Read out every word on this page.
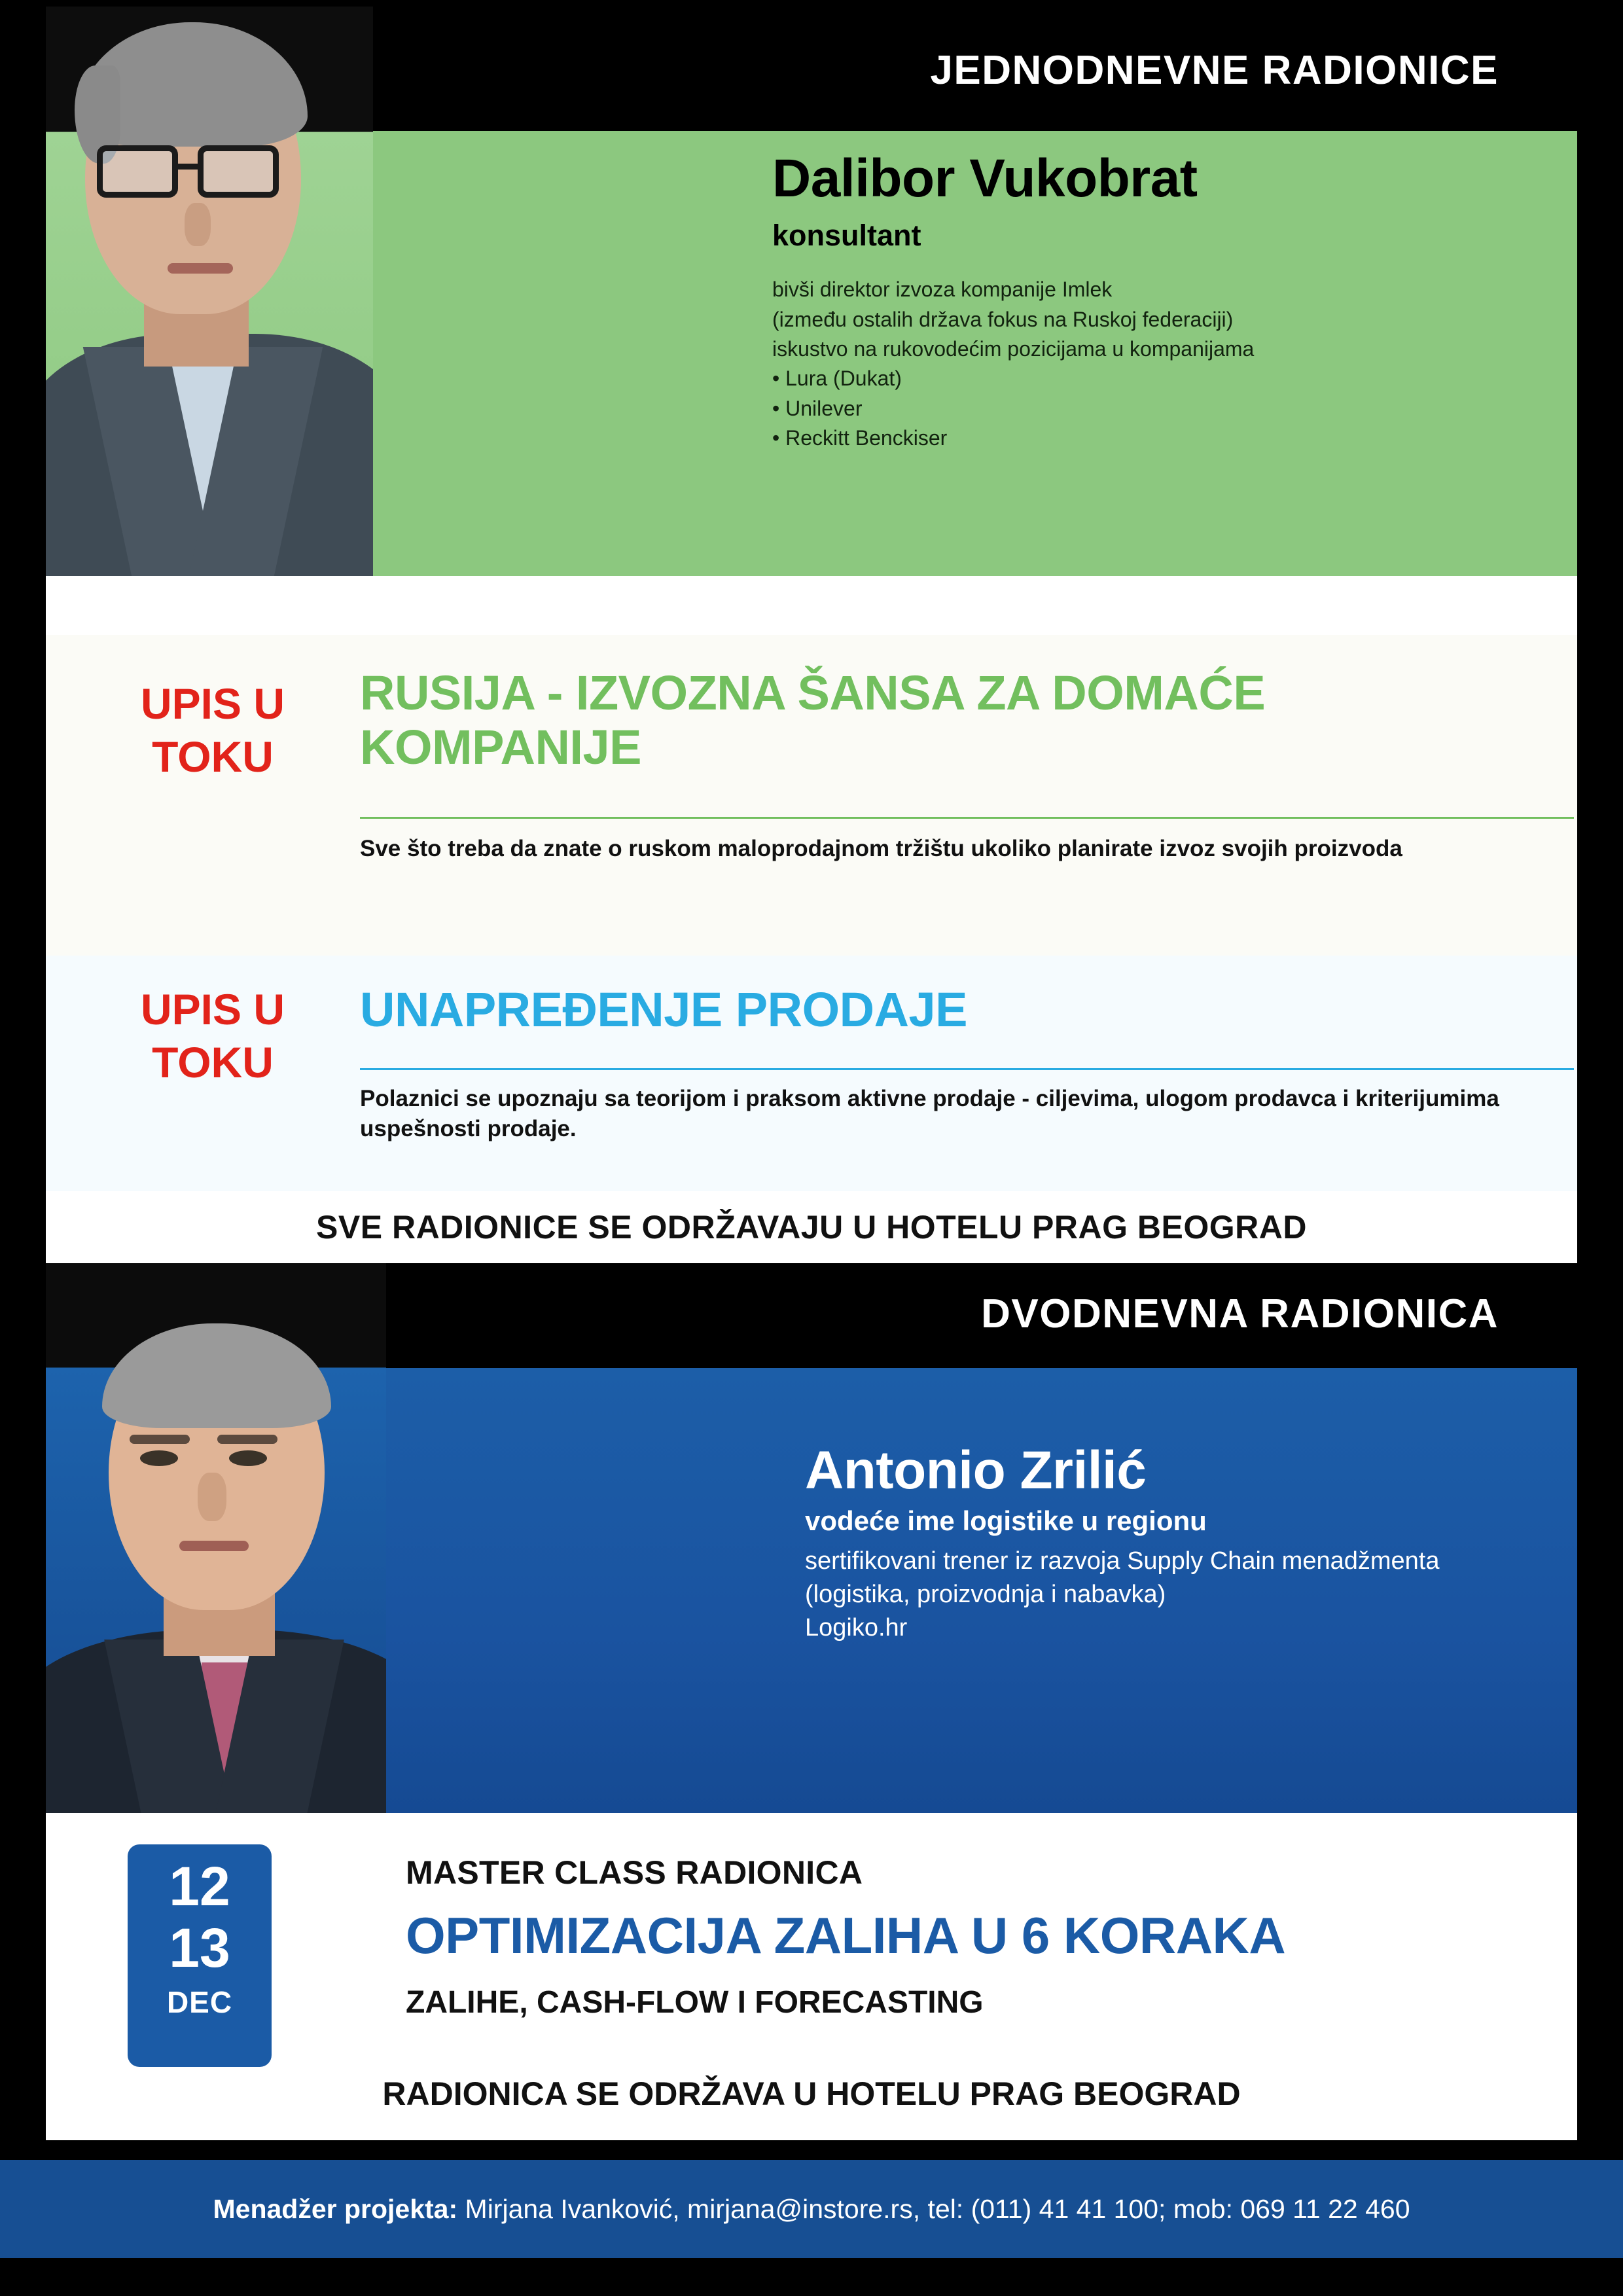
JEDNODNEVNE RADIONICE
Dalibor Vukobrat
konsultant
bivši direktor izvoza kompanije Imlek
(između ostalih država fokus na Ruskoj federaciji)
iskustvo na rukovodećim pozicijama u kompanijama
• Lura (Dukat)
• Unilever
• Reckitt Benckiser
UPIS U TOKU
RUSIJA - IZVOZNA ŠANSA ZA DOMAĆE KOMPANIJE
Sve što treba da znate o ruskom maloprodajnom tržištu ukoliko planirate izvoz svojih proizvoda
UPIS U TOKU
UNAPREĐENJE PRODAJE
Polaznici se upoznaju sa teorijom i praksom aktivne prodaje - ciljevima, ulogom prodavca i kriterijumima uspešnosti prodaje.
SVE RADIONICE SE ODRŽAVAJU U HOTELU PRAG BEOGRAD
DVODNEVNA RADIONICA
Antonio Zrilić
vodeće ime logistike u regionu
sertifikovani trener iz razvoja Supply Chain menadžmenta
(logistika, proizvodnja i nabavka)
Logiko.hr
12
13
DEC
MASTER CLASS RADIONICA
OPTIMIZACIJA ZALIHA U 6 KORAKA
ZALIHE, CASH-FLOW I FORECASTING
RADIONICA SE ODRŽAVA U HOTELU PRAG BEOGRAD
Menadžer projekta: Mirjana Ivanković, mirjana@instore.rs, tel: (011) 41 41 100; mob: 069 11 22 460
